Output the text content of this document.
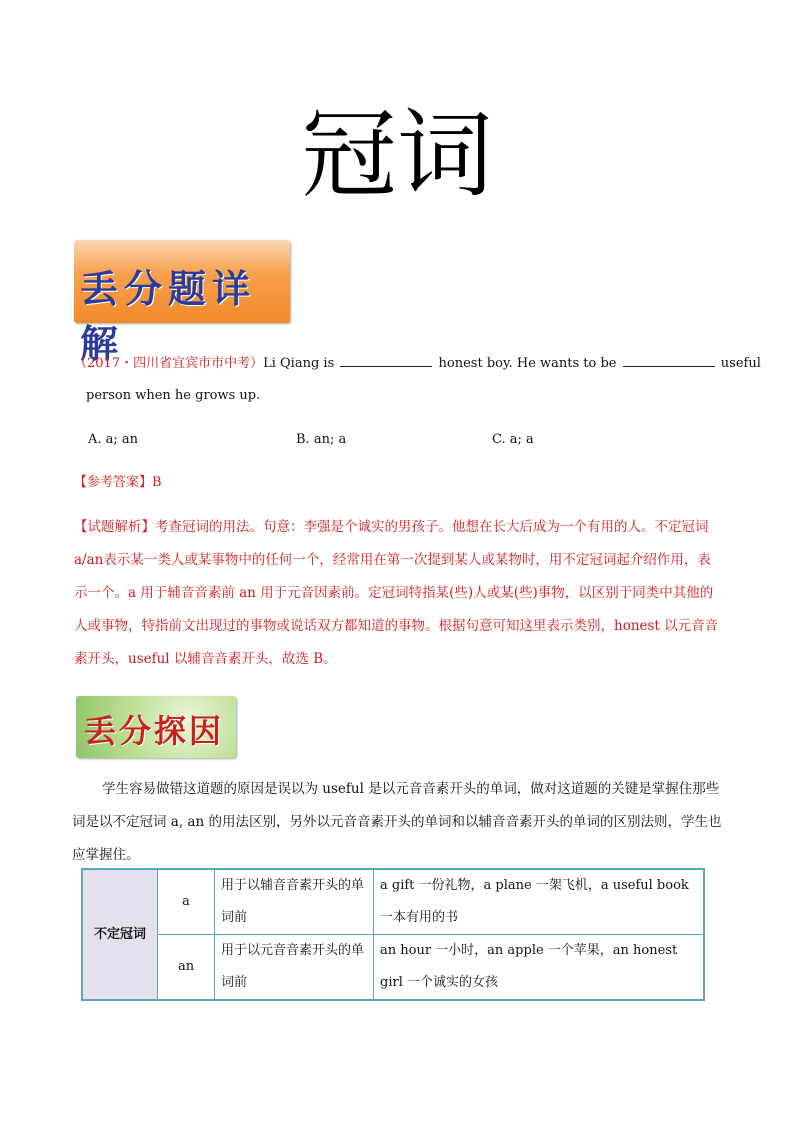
冠词
丢分题详解
（2017・四川省宜宾市市中考）Li Qiang is	honest boy. He wants to be	useful
person when he grows up.
A. a; an	B. an; a	C. a; a
【参考答案】B
【试题解析】考查冠词的用法。句意：李强是个诚实的男孩子。他想在长大后成为一个有用的人。不定冠词a/an表示某一类人或某事物中的任何一个，经常用在第一次提到某人或某物时，用不定冠词起介绍作用，表示一个。a 用于辅音音素前 an 用于元音因素前。定冠词特指某(些)人或某(些)事物，以区别于同类中其他的人或事物，特指前文出现过的事物或说话双方都知道的事物。根据句意可知这里表示类别，honest 以元音音素开头，useful 以辅音音素开头，故选 B。
丢分探因
学生容易做错这道题的原因是误以为 useful 是以元音音素开头的单词，做对这道题的关键是掌握住那些词是以不定冠词 a, an 的用法区别，另外以元音音素开头的单词和以辅音音素开头的单词的区别法则，学生也应掌握住。
不定冠词	a	用于以辅音音素开头的单词前	a gift 一份礼物，a plane 一架飞机，a useful book 一本有用的书
	an	用于以元音音素开头的单词前	an hour 一小时，an apple 一个苹果，an honest girl 一个诚实的女孩
